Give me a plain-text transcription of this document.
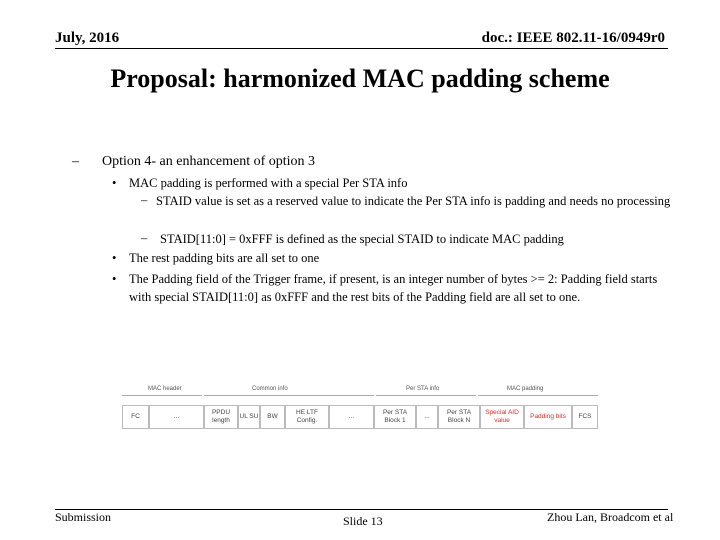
July, 2016	doc.: IEEE 802.11-16/0949r0
Proposal: harmonized MAC padding scheme
– Option 4- an enhancement of option 3
• MAC padding is performed with a special Per STA info
– STAID value is set as a reserved value to indicate the Per STA info is padding and needs no processing
– STAID[11:0] = 0xFFF is defined as the special STAID to indicate MAC padding
• The rest padding bits are all set to one
• The Padding field of the Trigger frame, if present, is an integer number of bytes >= 2: Padding field starts with special STAID[11:0] as 0xFFF and the rest bits of the Padding field are all set to one.
MAC header	Common info	Per STA info	MAC padding
FC	...
PPDU length
UL SU	BW
HE LTF Config.
...
Per STA Block 1
...
Per STA Block N
Special AID value
Padding bits	FCS
Submission	Slide 13	Zhou Lan, Broadcom et al
